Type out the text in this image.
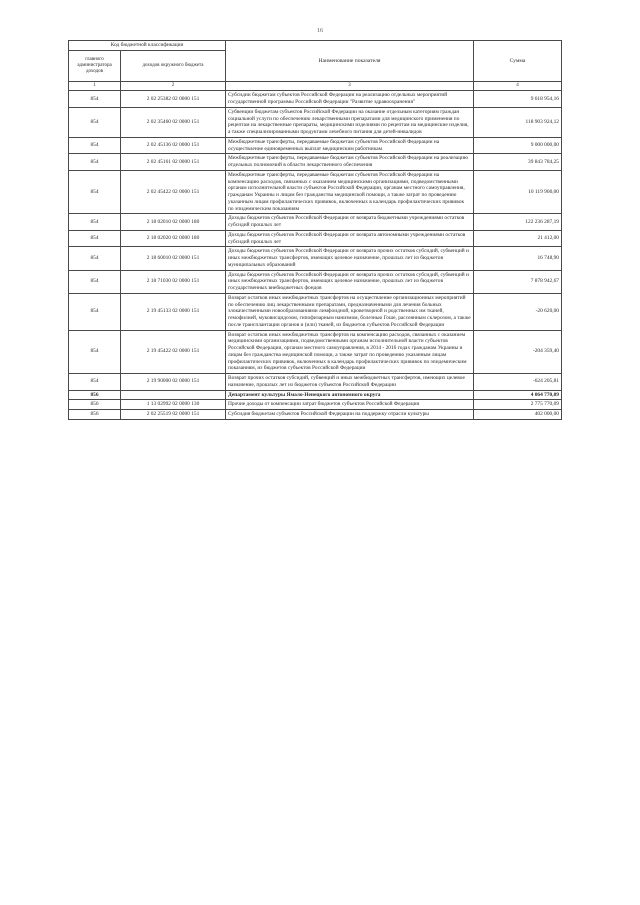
16
Код бюджетной классификации		Наименование показателя	Сумма
главного администратора доходов	доходов окружного бюджета		
1	2	3	4
854	2 02 25382 02 0000 151	Субсидии бюджетам субъектов Российской Федерации на реализацию отдельных мероприятий государственной программы Российской Федерации "Развитие здравоохранения"	9 618 954,16
854	2 02 35460 02 0000 151	Субвенции бюджетам субъектов Российской Федерации на оказание отдельным категориям граждан социальной услуги по обеспечению лекарственными препаратами для медицинского применения по рецептам на лекарственные препараты, медицинскими изделиями по рецептам на медицинские изделия, а также специализированными продуктами лечебного питания для детей-инвалидов	118 903 924,12
854	2 02 45136 02 0000 151	Межбюджетные трансферты, передаваемые бюджетам субъектов Российской Федерации на осуществление единовременных выплат медицинским работникам	9 000 000,00
854	2 02 45161 02 0000 151	Межбюджетные трансферты, передаваемые бюджетам субъектов Российской Федерации на реализацию отдельных полномочий в области лекарственного обеспечения	39 843 784,25
854	2 02 45422 02 0000 151	Межбюджетные трансферты, передаваемые бюджетам субъектов Российской Федерации на компенсацию расходов, связанных с оказанием медицинскими организациями, подведомственными органам исполнительной власти субъектов Российской Федерации, органам местного самоуправления, гражданам Украины и лицам без гражданства медицинской помощи, а также затрат по проведению указанным лицам профилактических прививок, включенных в календарь профилактических прививок по эпидемическим показаниям	10 119 900,00
854	2 18 02010 02 0000 180	Доходы бюджетов субъектов Российской Федерации от возврата бюджетными учреждениями остатков субсидий прошлых лет	122 236 287,19
854	2 18 02020 02 0000 180	Доходы бюджетов субъектов Российской Федерации от возврата автономными учреждениями остатков субсидий прошлых лет	21 412,00
854	2 18 60010 02 0000 151	Доходы бюджетов субъектов Российской Федерации от возврата прочих остатков субсидий, субвенций и иных межбюджетных трансфертов, имеющих целевое назначение, прошлых лет из бюджетов муниципальных образований	16 748,90
854	2 18 71030 02 0000 151	Доходы бюджетов субъектов Российской Федерации от возврата прочих остатков субсидий, субвенций и иных межбюджетных трансфертов, имеющих целевое назначение, прошлых лет из бюджетов государственных внебюджетных фондов	7 878 942,67
854	2 19 45133 02 0000 151	Возврат остатков иных межбюджетных трансфертов на осуществление организационных мероприятий по обеспечению лиц лекарственными препаратами, предназначенными для лечения больных злокачественными новообразованиями лимфоидной, кроветворной и родственных им тканей, гемофилией, муковисцидозом, гипофизарным нанизмом, болезнью Гоше, рассеянным склерозом, а также после трансплантации органов и (или) тканей, из бюджетов субъектов Российской Федерации	-20 620,00
854	2 19 45422 02 0000 151	Возврат остатков иных межбюджетных трансфертов на компенсацию расходов, связанных с оказанием медицинскими организациями, подведомственными органам исполнительной власти субъектов Российской Федерации, органам местного самоуправления, в 2014 - 2016 годах гражданам Украины и лицам без гражданства медицинской помощи, а также затрат по проведению указанным лицам профилактических прививок, включенных в календарь профилактических прививок по эпидемическим показаниям, из бюджетов субъектов Российской Федерации	-204 359,40
854	2 19 90000 02 0000 151	Возврат прочих остатков субсидий, субвенций и иных межбюджетных трансфертов, имеющих целевое назначение, прошлых лет из бюджетов субъектов Российской Федерации	-624 205,81
856		Департамент культуры Ямало-Ненецкого автономного округа	4 064 770,09
856	1 13 02992 02 0000 130	Прочие доходы от компенсации затрат бюджетов субъектов Российской Федерации	2 775 770,09
856	2 02 25519 02 0000 151	Субсидия бюджетам субъектов Российской Федерации на поддержку отрасли культуры	402 000,00
